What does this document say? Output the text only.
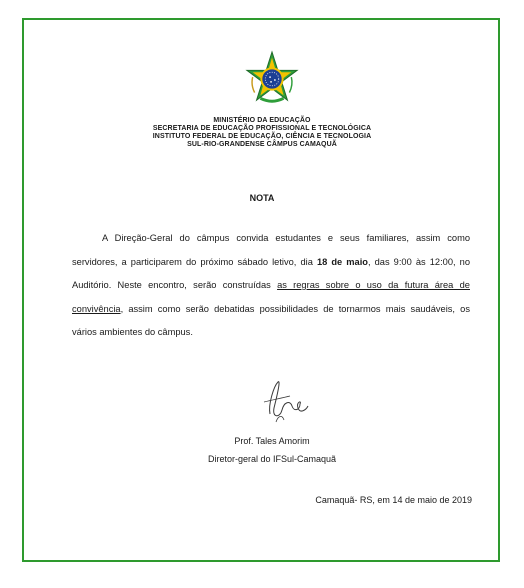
MINISTÉRIO DA EDUCAÇÃO
SECRETARIA DE EDUCAÇÃO PROFISSIONAL E TECNOLÓGICA
INSTITUTO FEDERAL DE EDUCAÇÃO, CIÊNCIA E TECNOLOGIA
SUL-RIO-GRANDENSE CÂMPUS CAMAQUÃ
NOTA
A Direção-Geral do câmpus convida estudantes e seus familiares, assim como servidores, a participarem do próximo sábado letivo, dia 18 de maio, das 9:00 às 12:00, no Auditório. Neste encontro, serão construídas as regras sobre o uso da futura área de convivência, assim como serão debatidas possibilidades de tornarmos mais saudáveis, os vários ambientes do câmpus.
Prof. Tales Amorim
Diretor-geral do IFSul-Camaquã
Camaquã- RS, em 14 de maio de 2019
